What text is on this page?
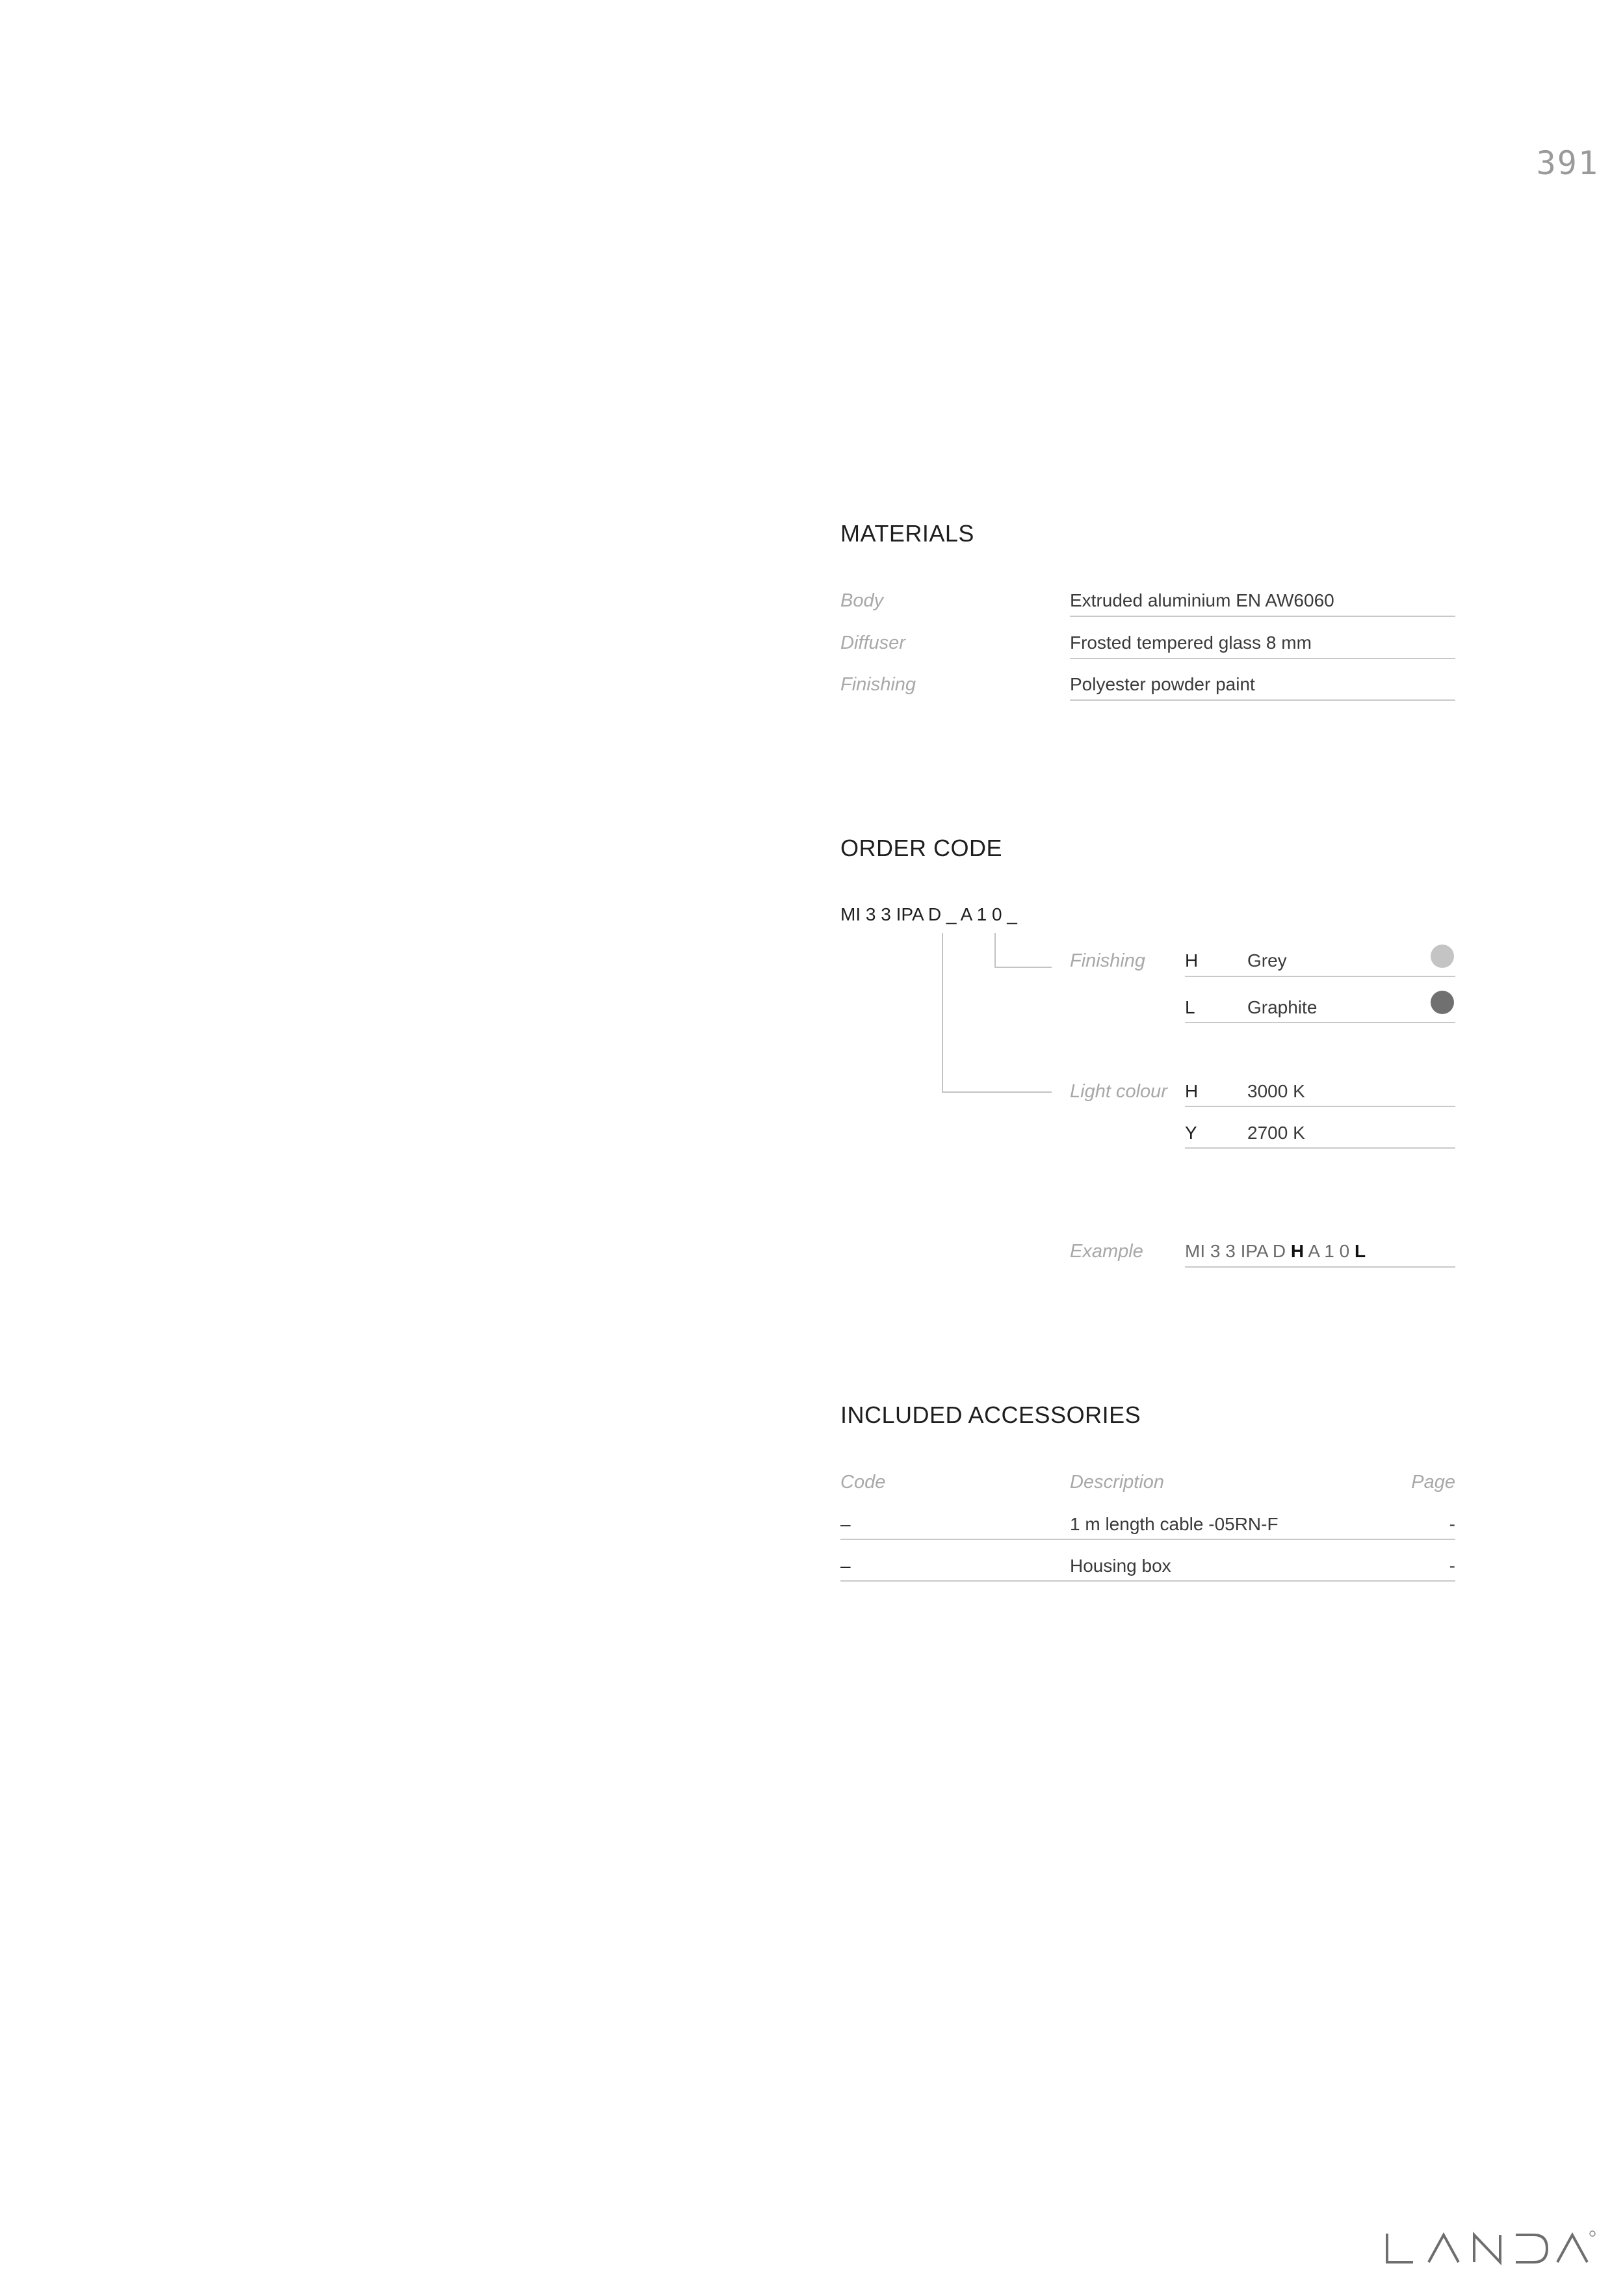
391
MATERIALS
Body	Extruded aluminium EN AW6060
Diffuser	Frosted tempered glass 8 mm
Finishing	Polyester powder paint
ORDER CODE
MI 3 3 IPA D _ A 1 0 _
Finishing H	Grey
L	Graphite
Light colour H	3000 K
Y	2700 K
Example MI 3 3 IPA D H A 1 0 L
INCLUDED ACCESSORIES
Code	Description	Page
–	1 m length cable -05RN-F	-
–	Housing box	-
